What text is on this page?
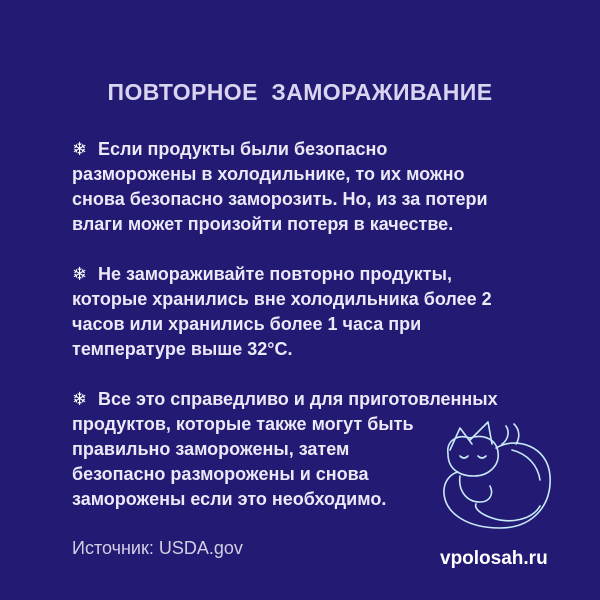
ПОВТОРНОЕ  ЗАМОРАЖИВАНИЕ
❄ Если продукты были безопасно
разморожены в холодильнике, то их можно
снова безопасно заморозить. Но, из за потери
влаги может произойти потеря в качестве.
❄ Не замораживайте повторно продукты,
которые хранились вне холодильника более 2
часов или хранились более 1 часа при
температуре выше 32°C.
❄ Все это справедливо и для приготовленных
продуктов, которые также могут быть
правильно заморожены, затем
безопасно разморожены и снова
заморожены если это необходимо.
Источник: USDA.gov	vpolosah.ru
